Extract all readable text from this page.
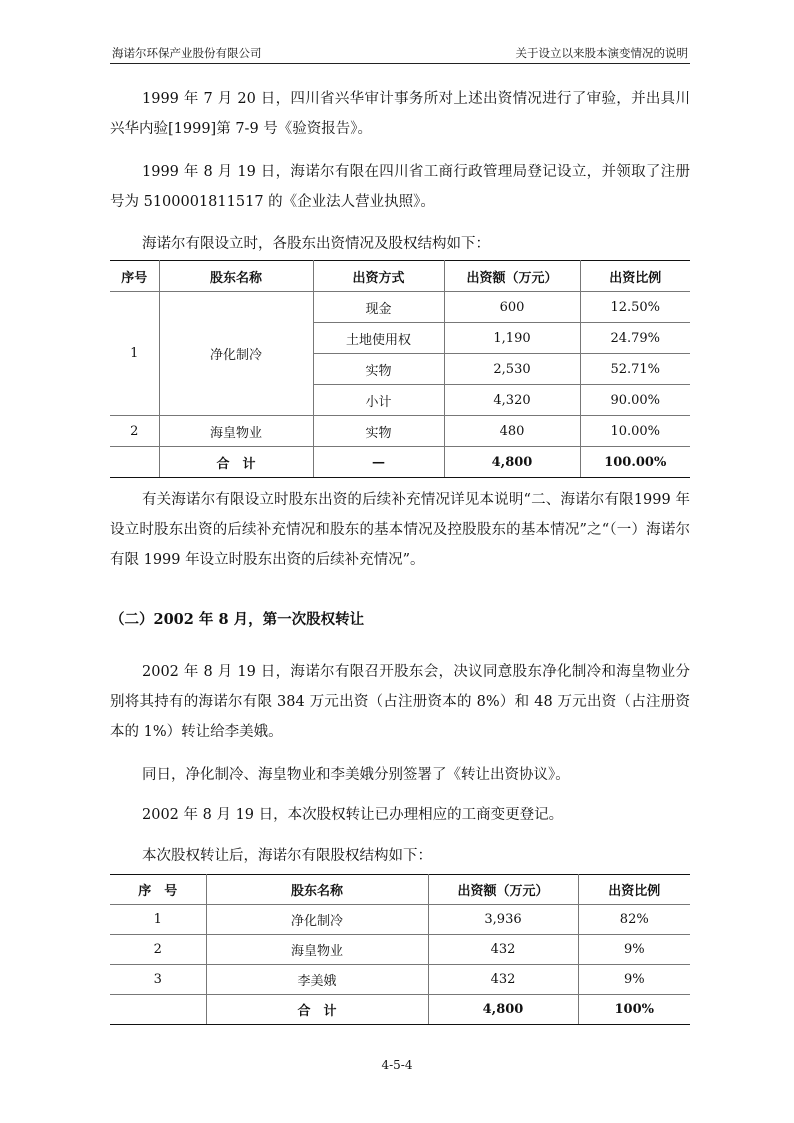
海诺尔环保产业股份有限公司	关于设立以来股本演变情况的说明

1999 年 7 月 20 日，四川省兴华审计事务所对上述出资情况进行了审验，并出具川兴华内验[1999]第 7-9 号《验资报告》。

1999 年 8 月 19 日，海诺尔有限在四川省工商行政管理局登记设立，并领取了注册号为 5100001811517 的《企业法人营业执照》。

海诺尔有限设立时，各股东出资情况及股权结构如下：

序号	股东名称	出资方式	出资额（万元）	出资比例
1	净化制冷	现金	600	12.50%
		土地使用权	1,190	24.79%
		实物	2,530	52.71%
		小计	4,320	90.00%
2	海皇物业	实物	480	10.00%
	合　计	—	4,800	100.00%

有关海诺尔有限设立时股东出资的后续补充情况详见本说明“二、海诺尔有限1999 年设立时股东出资的后续补充情况和股东的基本情况及控股股东的基本情况”之“（一）海诺尔有限 1999 年设立时股东出资的后续补充情况”。

（二）2002 年 8 月，第一次股权转让

2002 年 8 月 19 日，海诺尔有限召开股东会，决议同意股东净化制冷和海皇物业分别将其持有的海诺尔有限 384 万元出资（占注册资本的 8%）和 48 万元出资（占注册资本的 1%）转让给李美娥。

同日，净化制冷、海皇物业和李美娥分别签署了《转让出资协议》。

2002 年 8 月 19 日，本次股权转让已办理相应的工商变更登记。

本次股权转让后，海诺尔有限股权结构如下：

序　号	股东名称	出资额（万元）	出资比例
1	净化制冷	3,936	82%
2	海皇物业	432	9%
3	李美娥	432	9%
	合　计	4,800	100%
4-5-4
